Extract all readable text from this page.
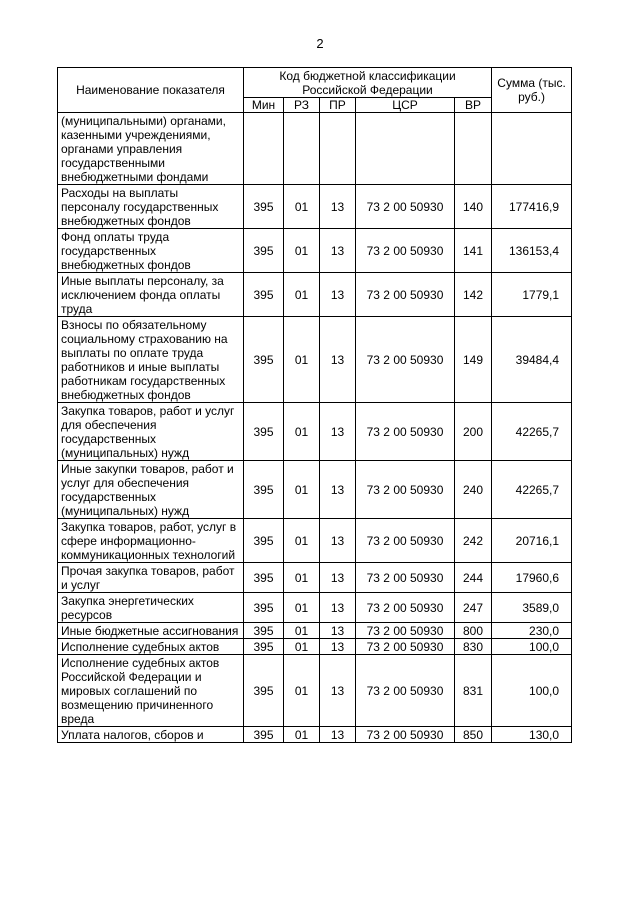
2
Наименование показателя	Код бюджетной классификации Российской Федерации					Сумма (тыс. руб.)
	Мин	РЗ	ПР	ЦСР	ВР	
(муниципальными) органами, казенными учреждениями, органами управления государственными внебюджетными фондами						
Расходы на выплаты персоналу государственных внебюджетных фондов	395	01	13	73 2 00 50930	140	177416,9
Фонд оплаты труда государственных внебюджетных фондов	395	01	13	73 2 00 50930	141	136153,4
Иные выплаты персоналу, за исключением фонда оплаты труда	395	01	13	73 2 00 50930	142	1779,1
Взносы по обязательному социальному страхованию на выплаты по оплате труда работников и иные выплаты работникам государственных внебюджетных фондов	395	01	13	73 2 00 50930	149	39484,4
Закупка товаров, работ и услуг для обеспечения государственных (муниципальных) нужд	395	01	13	73 2 00 50930	200	42265,7
Иные закупки товаров, работ и услуг для обеспечения государственных (муниципальных) нужд	395	01	13	73 2 00 50930	240	42265,7
Закупка товаров, работ, услуг в сфере информационно-коммуникационных технологий	395	01	13	73 2 00 50930	242	20716,1
Прочая закупка товаров, работ и услуг	395	01	13	73 2 00 50930	244	17960,6
Закупка энергетических ресурсов	395	01	13	73 2 00 50930	247	3589,0
Иные бюджетные ассигнования	395	01	13	73 2 00 50930	800	230,0
Исполнение судебных актов	395	01	13	73 2 00 50930	830	100,0
Исполнение судебных актов Российской Федерации и мировых соглашений по возмещению причиненного вреда	395	01	13	73 2 00 50930	831	100,0
Уплата налогов, сборов и	395	01	13	73 2 00 50930	850	130,0
